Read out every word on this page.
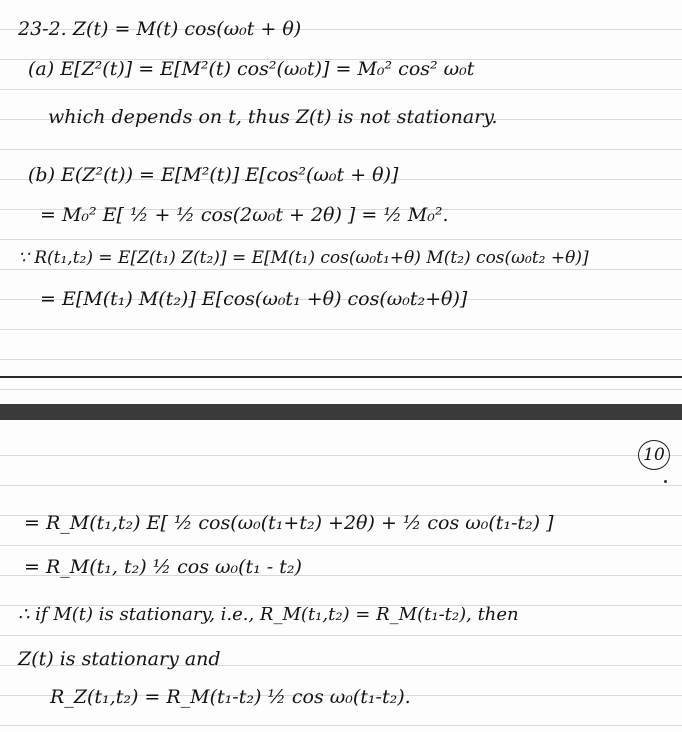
23-2. Z(t) = M(t) cos(ω₀t + θ)
(a) E[Z²(t)] = E[M²(t) cos²(ω₀t)] = M₀² cos² ω₀t
which depends on t, thus Z(t) is not stationary.
(b) E(Z²(t)) = E[M²(t)] E[cos²(ω₀t + θ)]
= M₀² E[ ½ + ½ cos(2ω₀t + 2θ) ] = ½ M₀².
∵ R(t₁,t₂) = E[Z(t₁) Z(t₂)] = E[M(t₁) cos(ω₀t₁+θ) M(t₂) cos(ω₀t₂ +θ)]
= E[M(t₁) M(t₂)] E[cos(ω₀t₁ +θ) cos(ω₀t₂+θ)]
10
= R_M(t₁,t₂) E[ ½ cos(ω₀(t₁+t₂) +2θ) + ½ cos ω₀(t₁-t₂) ]
= R_M(t₁, t₂) ½ cos ω₀(t₁ - t₂)
∴ if M(t) is stationary, i.e., R_M(t₁,t₂) = R_M(t₁-t₂), then
Z(t) is stationary and
R_Z(t₁,t₂) = R_M(t₁-t₂) ½ cos ω₀(t₁-t₂).
